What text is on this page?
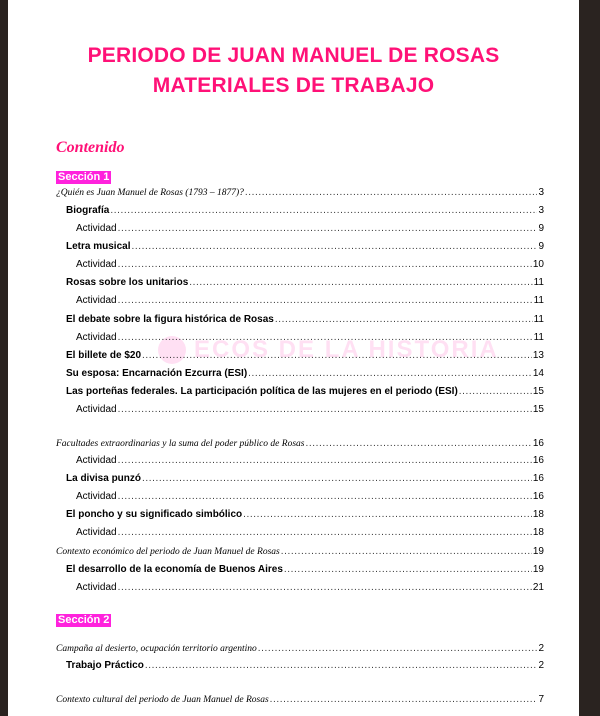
PERIODO DE JUAN MANUEL DE ROSAS
MATERIALES DE TRABAJO
Contenido
ECOS DE LA HISTORIA
Sección 1
¿Quién es Juan Manuel de Rosas (1793 – 1877)? .....	3
Biografía .....	3
Actividad .....	9
Letra musical .....	9
Actividad .....	10
Rosas sobre los unitarios .....	11
Actividad .....	11
El debate sobre la figura histórica de Rosas .....	11
Actividad .....	11
El billete de $20 .....	13
Su esposa: Encarnación Ezcurra (ESI) .....	14
Las porteñas federales. La participación política de las mujeres en el periodo (ESI) .....	15
Actividad .....	15
Facultades extraordinarias y la suma del poder público de Rosas .....	16
Actividad .....	16
La divisa punzó .....	16
Actividad .....	16
El poncho y su significado simbólico .....	18
Actividad .....	18
Contexto económico del periodo de Juan Manuel de Rosas .....	19
El desarrollo de la economía de Buenos Aires .....	19
Actividad .....	21
Sección 2
Campaña al desierto, ocupación territorio argentino .....	2
Trabajo Práctico .....	2
Contexto cultural del periodo de Juan Manuel de Rosas .....	7
